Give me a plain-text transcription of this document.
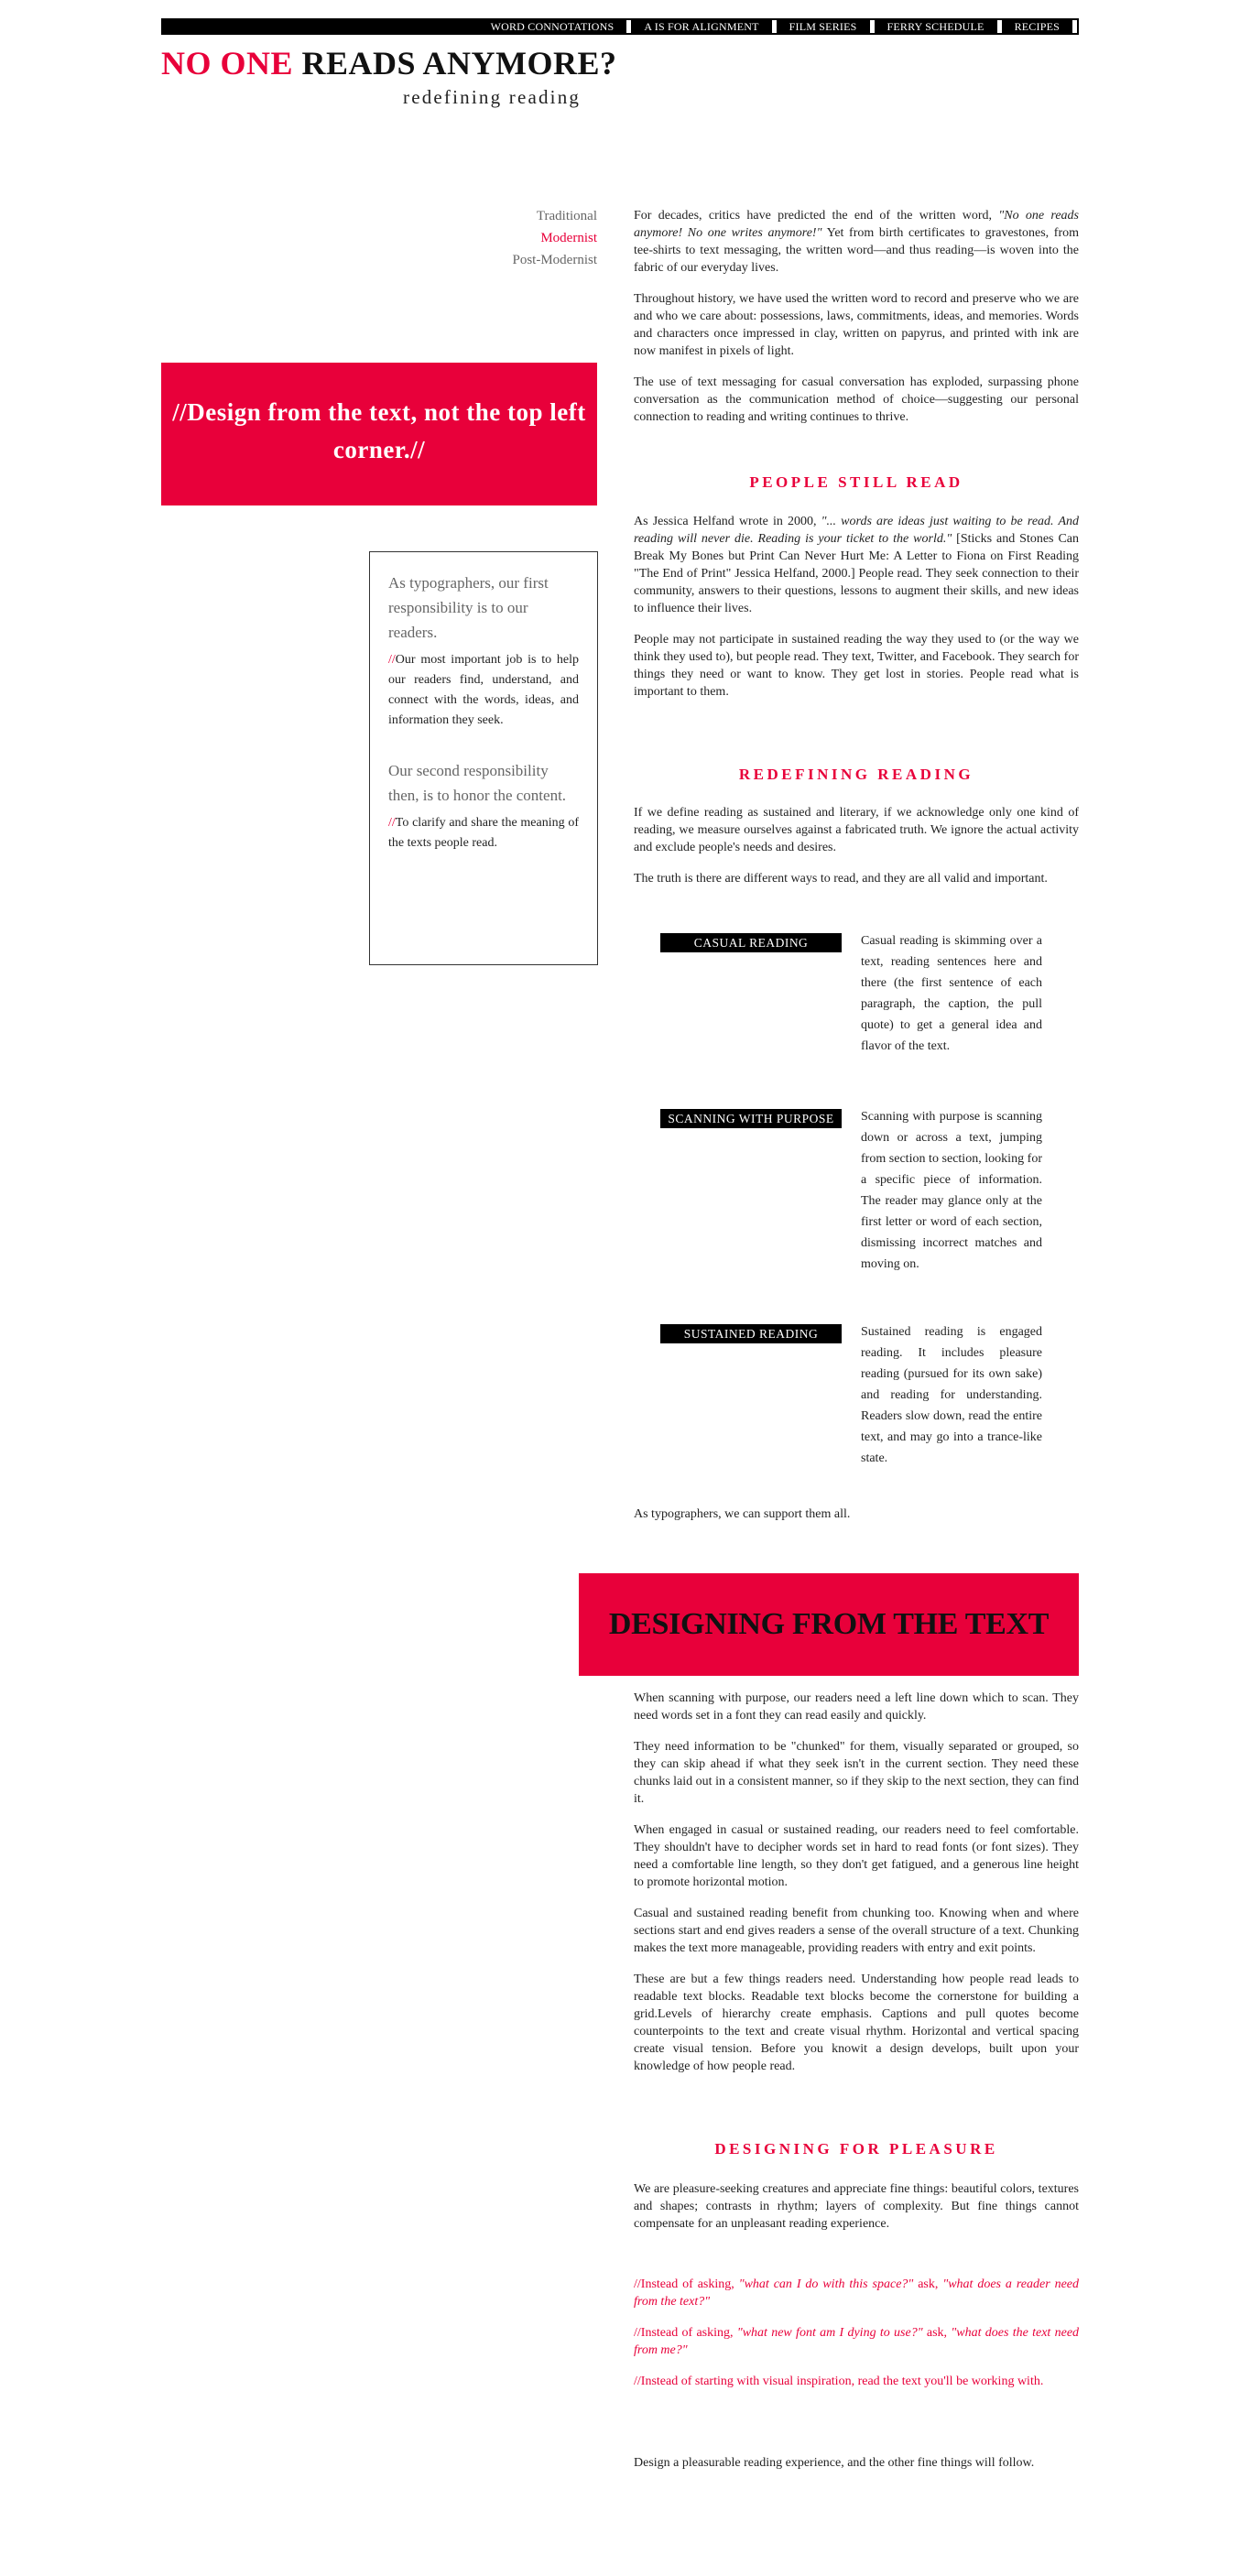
WORD CONNOTATIONS	A IS FOR ALIGNMENT	FILM SERIES	FERRY SCHEDULE	RECIPES
NO ONE READS ANYMORE?
redefining reading
Traditional
Modernist
Post-Modernist
//Design from the text, not the top left corner.//
As typographers, our first responsibility is to our readers.
//Our most important job is to help our readers find, understand, and connect with the words, ideas, and information they seek.
Our second responsibility then, is to honor the content.
//To clarify and share the meaning of the texts people read.

For decades, critics have predicted the end of the written word, "No one reads anymore! No one writes anymore!" Yet from birth certificates to gravestones, from tee-shirts to text messaging, the written word—and thus reading—is woven into the fabric of our everyday lives.

Throughout history, we have used the written word to record and preserve who we are and who we care about: possessions, laws, commitments, ideas, and memories. Words and characters once impressed in clay, written on papyrus, and printed with ink are now manifest in pixels of light.

The use of text messaging for casual conversation has exploded, surpassing phone conversation as the communication method of choice—suggesting our personal connection to reading and writing continues to thrive.

PEOPLE STILL READ

As Jessica Helfand wrote in 2000, "... words are ideas just waiting to be read. And reading will never die. Reading is your ticket to the world." [Sticks and Stones Can Break My Bones but Print Can Never Hurt Me: A Letter to Fiona on First Reading "The End of Print" Jessica Helfand, 2000.] People read. They seek connection to their community, answers to their questions, lessons to augment their skills, and new ideas to influence their lives.

People may not participate in sustained reading the way they used to (or the way we think they used to), but people read. They text, Twitter, and Facebook. They search for things they need or want to know. They get lost in stories. People read what is important to them.

REDEFINING READING

If we define reading as sustained and literary, if we acknowledge only one kind of reading, we measure ourselves against a fabricated truth. We ignore the actual activity and exclude people's needs and desires.

The truth is there are different ways to read, and they are all valid and important.

CASUAL READING	Casual reading is skimming over a text, reading sentences here and there (the first sentence of each paragraph, the caption, the pull quote) to get a general idea and flavor of the text.
SCANNING WITH PURPOSE	Scanning with purpose is scanning down or across a text, jumping from section to section, looking for a specific piece of information. The reader may glance only at the first letter or word of each section, dismissing incorrect matches and moving on.
SUSTAINED READING	Sustained reading is engaged reading. It includes pleasure reading (pursued for its own sake) and reading for understanding. Readers slow down, read the entire text, and may go into a trance-like state.
As typographers, we can support them all.
DESIGNING FROM THE TEXT

When scanning with purpose, our readers need a left line down which to scan. They need words set in a font they can read easily and quickly.

They need information to be "chunked" for them, visually separated or grouped, so they can skip ahead if what they seek isn't in the current section. They need these chunks laid out in a consistent manner, so if they skip to the next section, they can find it.

When engaged in casual or sustained reading, our readers need to feel comfortable. They shouldn't have to decipher words set in hard to read fonts (or font sizes). They need a comfortable line length, so they don't get fatigued, and a generous line height to promote horizontal motion.

Casual and sustained reading benefit from chunking too. Knowing when and where sections start and end gives readers a sense of the overall structure of a text. Chunking makes the text more manageable, providing readers with entry and exit points.

These are but a few things readers need. Understanding how people read leads to readable text blocks. Readable text blocks become the cornerstone for building a grid.Levels of hierarchy create emphasis. Captions and pull quotes become counterpoints to the text and create visual rhythm. Horizontal and vertical spacing create visual tension. Before you knowit a design develops, built upon your knowledge of how people read.

DESIGNING FOR PLEASURE
We are pleasure-seeking creatures and appreciate fine things: beautiful colors, textures and shapes; contrasts in rhythm; layers of complexity. But fine things cannot compensate for an unpleasant reading experience.

//Instead of asking, "what can I do with this space?" ask, "what does a reader need from the text?"

//Instead of asking, "what new font am I dying to use?" ask, "what does the text need from me?"

//Instead of starting with visual inspiration, read the text you'll be working with.

Design a pleasurable reading experience, and the other fine things will follow.
